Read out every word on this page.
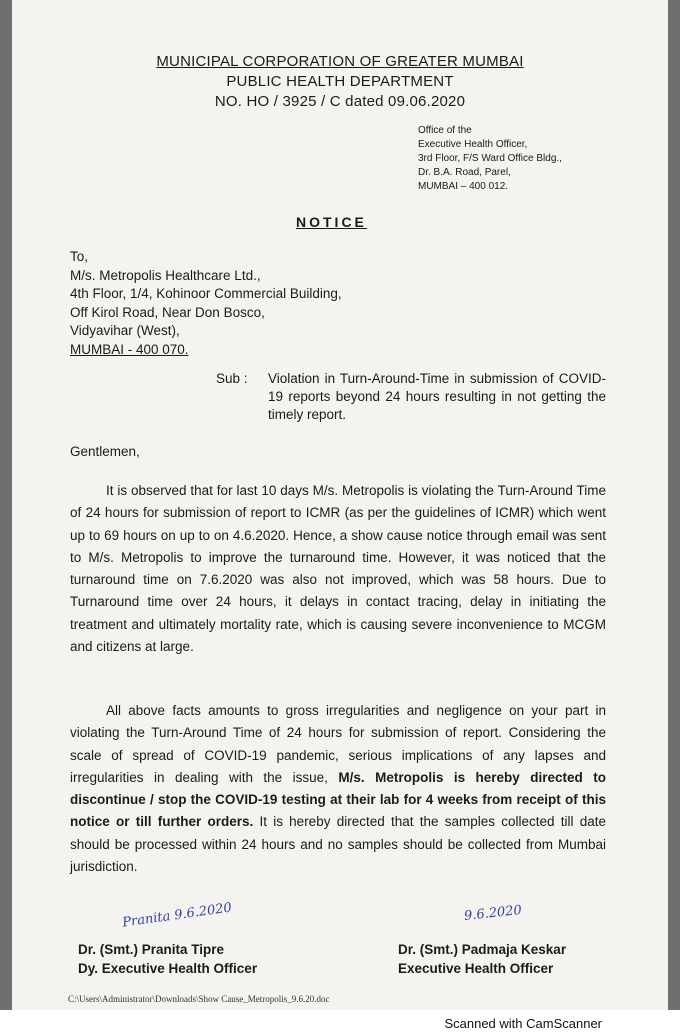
MUNICIPAL CORPORATION OF GREATER MUMBAI
PUBLIC HEALTH DEPARTMENT
NO. HO / 3925 / C dated 09.06.2020
Office of the
Executive Health Officer,
3rd Floor, F/S Ward Office Bldg.,
Dr. B.A. Road, Parel,
MUMBAI – 400 012.
NOTICE
To,
M/s. Metropolis Healthcare Ltd.,
4th Floor, 1/4, Kohinoor Commercial Building,
Off Kirol Road, Near Don Bosco,
Vidyavihar (West),
MUMBAI - 400 070.
Sub : Violation in Turn-Around-Time in submission of COVID-19 reports beyond 24 hours resulting in not getting the timely report.
Gentlemen,
It is observed that for last 10 days M/s. Metropolis is violating the Turn-Around Time of 24 hours for submission of report to ICMR (as per the guidelines of ICMR) which went up to 69 hours on up to on 4.6.2020. Hence, a show cause notice through email was sent to M/s. Metropolis to improve the turnaround time. However, it was noticed that the turnaround time on 7.6.2020 was also not improved, which was 58 hours. Due to Turnaround time over 24 hours, it delays in contact tracing, delay in initiating the treatment and ultimately mortality rate, which is causing severe inconvenience to MCGM and citizens at large.
All above facts amounts to gross irregularities and negligence on your part in violating the Turn-Around Time of 24 hours for submission of report. Considering the scale of spread of COVID-19 pandemic, serious implications of any lapses and irregularities in dealing with the issue, M/s. Metropolis is hereby directed to discontinue / stop the COVID-19 testing at their lab for 4 weeks from receipt of this notice or till further orders. It is hereby directed that the samples collected till date should be processed within 24 hours and no samples should be collected from Mumbai jurisdiction.
Pranita 9.6.2020	9.6.2020
Dr. (Smt.) Pranita Tipre
Dy. Executive Health Officer
Dr. (Smt.) Padmaja Keskar
Executive Health Officer
C:\Users\Administrator\Downloads\Show Cause_Metropolis_9.6.20.doc
Scanned with CamScanner
